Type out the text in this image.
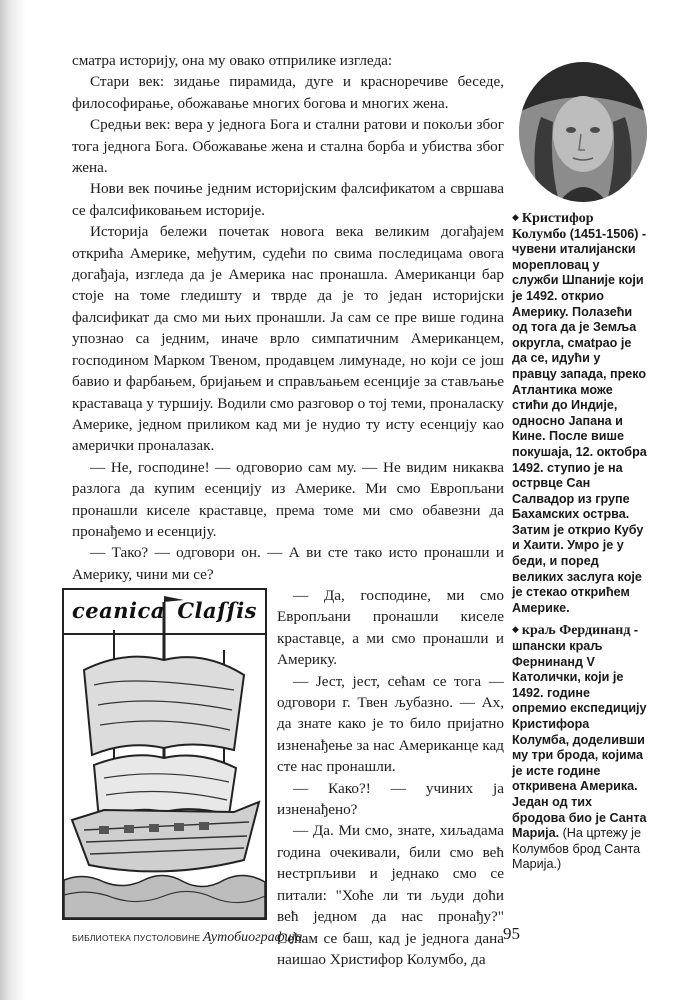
сматра историју, она му овако отприлике изгледа:

Стари век: зидање пирамида, дуге и красноречиве беседе, философирање, обожавање многих богова и многих жена.

Средњи век: вера у једнога Бога и стални ратови и покољи због тога једнога Бога. Обожавање жена и стална борба и убиства због жена.

Нови век почиње једним историјским фалсификатом а свршава се фалсификовањем историје.

Историја бележи почетак новога века великим догађајем открића Америке, међутим, судећи по свима последицама овога догађаја, изгледа да је Америка нас пронашла. Американци бар стоје на томе гледишту и тврде да је то један историјски фалсификат да смо ми њих пронашли. Ја сам се пре више година упознао са једним, иначе врло симпатичним Американцем, господином Марком Твеном, продавцем лимунаде, но који се још бавио и фарбањем, бријањем и справљањем есенције за стављање краставаца у туршију. Водили смо разговор о тој теми, проналаску Америке, једном приликом кад ми је нудио ту исту есенцију као амерички проналазак.

— Не, господине! — одговорио сам му. — Не видим никаква разлога да купим есенцију из Америке. Ми смо Европљани пронашли киселе краставце, према томе ми смо обавезни да пронађемо и есенцију.

— Тако? — одговори он. — А ви сте тако исто пронашли и Америку, чини ми се?

— Да, господине, ми смо Европљани пронашли киселе краставце, а ми смо пронашли и Америку.

— Јест, јест, сећам се тога — одговори г. Твен љубазно. — Ах, да знате како је то било пријатно изненађење за нас Американце кад сте нас пронашли.

— Како?! — учиних ја изненађено?

— Да. Ми смо, знате, хиљадама година очекивали, били смо већ нестрпљиви и једнако смо се питали: "Хоће ли ти људи доћи већ једном да нас пронађу?" Сећам се баш, кад је једнога дана наишао Христифор Колумбо, да

ceanica Claſſis

◆ Кристифор Колумбо (1451-1506) - чувени италијански морепловац у служби Шпаније који је 1492. открио Америку. Полазећи од тога да је Земља округла, смatрао је да се, идући у правцу запада, преко Атлантика може стићи до Индије, односно Јапана и Кине. После више покушаја, 12. октобра 1492. ступио је на острвце Сан Салвадор из групе Бахамских острва. Затим је открио Кубу и Хаити. Умро је у беди, и поред великих заслуга које је стекао открићем Америке.

◆ краљ Фердинанд - шпански краљ Фернинанд V Католички, који је 1492. године опремио експедицију Кристифора Колумба, доделивши му три брода, којима је исте године откривена Америка. Један од тих бродова био је Санта Марија. (На цртежу је Колумбов брод Санта Марија.)

БИБЛИОТЕКА ПУСТОЛОВИНЕ Аутобиографија	95
